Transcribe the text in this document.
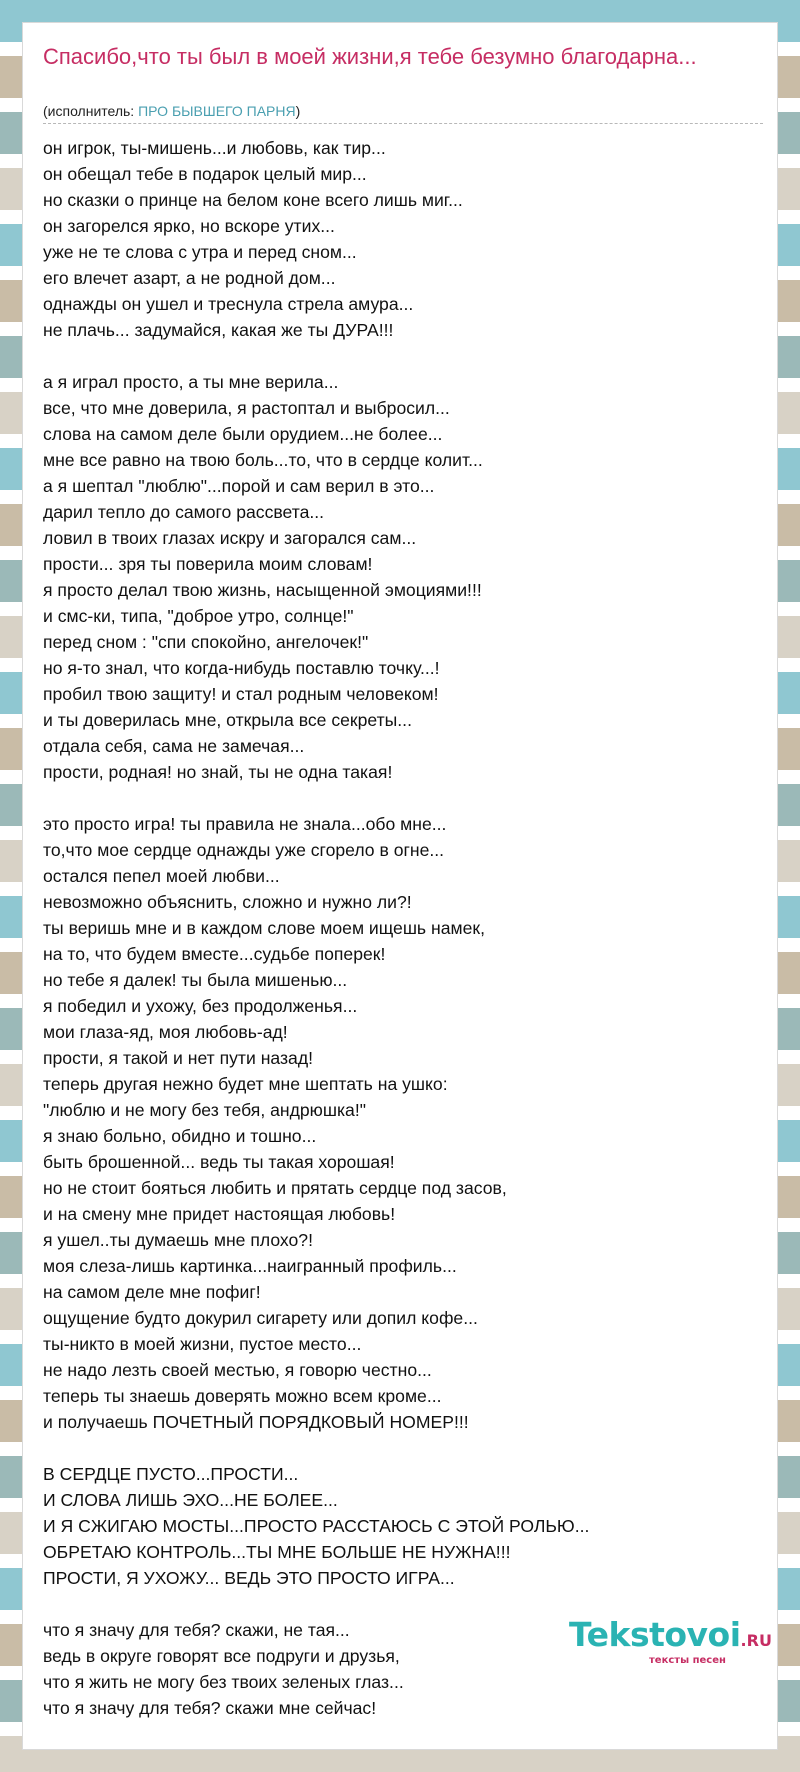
Спасибо,что ты был в моей жизни,я тебе безумно благодарна...
(исполнитель: ПРО БЫВШЕГО ПАРНЯ)
он игрок, ты-мишень...и любовь, как тир...
он обещал тебе в подарок целый мир...
но сказки о принце на белом коне всего лишь миг...
он загорелся ярко, но вскоре утих...
уже не те слова с утра и перед сном...
его влечет азарт, а не родной дом...
однажды он ушел и треснула стрела амура...
не плачь... задумайся, какая же ты ДУРА!!!
а я играл просто, а ты мне верила...
все, что мне доверила, я растоптал и выбросил...
слова на самом деле были орудием...не более...
мне все равно на твою боль...то, что в сердце колит...
а я шептал "люблю"...порой и сам верил в это...
дарил тепло до самого рассвета...
ловил в твоих глазах искру и загорался сам...
прости... зря ты поверила моим словам!
я просто делал твою жизнь, насыщенной эмоциями!!!
и смс-ки, типа, "доброе утро, солнце!"
перед сном : "спи спокойно, ангелочек!"
но я-то знал, что когда-нибудь поставлю точку...!
пробил твою защиту! и стал родным человеком!
и ты доверилась мне, открыла все секреты...
отдала себя, сама не замечая...
прости, родная! но знай, ты не одна такая!
это просто игра! ты правила не знала...обо мне...
то,что мое сердце однажды уже сгорело в огне...
остался пепел моей любви...
невозможно объяснить, сложно и нужно ли?!
ты веришь мне и в каждом слове моем ищешь намек,
на то, что будем вместе...судьбе поперек!
но тебе я далек! ты была мишенью...
я победил и ухожу, без продолженья...
мои глаза-яд, моя любовь-ад!
прости, я такой и нет пути назад!
теперь другая нежно будет мне шептать на ушко:
"люблю и не могу без тебя, андрюшка!"
я знаю больно, обидно и тошно...
быть брошенной... ведь ты такая хорошая!
но не стоит бояться любить и прятать сердце под засов,
и на смену мне придет настоящая любовь!
я ушел..ты думаешь мне плохо?!
моя слеза-лишь картинка...наигранный профиль...
на самом деле мне пофиг!
ощущение будто докурил сигарету или допил кофе...
ты-никто в моей жизни, пустое место...
не надо лезть своей местью, я говорю честно...
теперь ты знаешь доверять можно всем кроме...
и получаешь ПОЧЕТНЫЙ ПОРЯДКОВЫЙ НОМЕР!!!
В СЕРДЦЕ ПУСТО...ПРОСТИ...
И СЛОВА ЛИШЬ ЭХО...НЕ БОЛЕЕ...
И Я СЖИГАЮ МОСТЫ...ПРОСТО РАССТАЮСЬ С ЭТОЙ РОЛЬЮ...
ОБРЕТАЮ КОНТРОЛЬ...ТЫ МНЕ БОЛЬШЕ НЕ НУЖНА!!!
ПРОСТИ, Я УХОЖУ... ВЕДЬ ЭТО ПРОСТО ИГРА...
что я значу для тебя? скажи, не тая...
ведь в округе говорят все подруги и друзья,
что я жить не могу без твоих зеленых глаз...
что я значу для тебя? скажи мне сейчас!
Tekstovoi.RU
тексты песен
